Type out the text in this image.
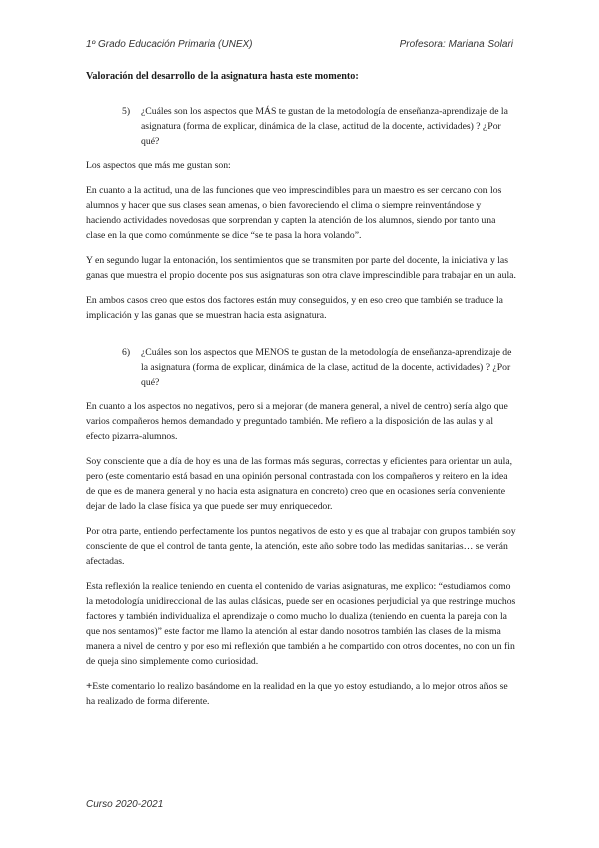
1º Grado Educación Primaria (UNEX)	Profesora: Mariana Solari
Valoración del desarrollo de la asignatura hasta este momento:
5) ¿Cuáles son los aspectos que MÁS te gustan de la metodología de enseñanza-aprendizaje de la asignatura (forma de explicar, dinámica de la clase, actitud de la docente, actividades) ? ¿Por qué?

Los aspectos que más me gustan son:

En cuanto a la actitud, una de las funciones que veo imprescindibles para un maestro es ser cercano con los alumnos y hacer que sus clases sean amenas, o bien favoreciendo el clima o siempre reinventándose y haciendo actividades novedosas que sorprendan y capten la atención de los alumnos, siendo por tanto una clase en la que como comúnmente se dice “se te pasa la hora volando”.

Y en segundo lugar la entonación, los sentimientos que se transmiten por parte del docente, la iniciativa y las ganas que muestra el propio docente pos sus asignaturas son otra clave imprescindible para trabajar en un aula.

En ambos casos creo que estos dos factores están muy conseguidos, y en eso creo que también se traduce la implicación y las ganas que se muestran hacia esta asignatura.

6) ¿Cuáles son los aspectos que MENOS te gustan de la metodología de enseñanza-aprendizaje de la asignatura (forma de explicar, dinámica de la clase, actitud de la docente, actividades) ? ¿Por qué?

En cuanto a los aspectos no negativos, pero si a mejorar (de manera general, a nivel de centro) sería algo que varios compañeros hemos demandado y preguntado también. Me refiero a la disposición de las aulas y al efecto pizarra-alumnos.

Soy consciente que a día de hoy es una de las formas más seguras, correctas y eficientes para orientar un aula, pero (este comentario está basad en una opinión personal contrastada con los compañeros y reitero en la idea de que es de manera general y no hacia esta asignatura en concreto) creo que en ocasiones sería conveniente dejar de lado la clase física ya que puede ser muy enriquecedor.

Por otra parte, entiendo perfectamente los puntos negativos de esto y es que al trabajar con grupos también soy consciente de que el control de tanta gente, la atención, este año sobre todo las medidas sanitarias… se verán afectadas.

Esta reflexión la realice teniendo en cuenta el contenido de varias asignaturas, me explico: “estudiamos como la metodología unidireccional de las aulas clásicas, puede ser en ocasiones perjudicial ya que restringe muchos factores y también individualiza el aprendizaje o como mucho lo dualiza (teniendo en cuenta la pareja con la que nos sentamos)” este factor me llamo la atención al estar dando nosotros también las clases de la misma manera a nivel de centro y por eso mi reflexión que también a he compartido con otros docentes, no con un fin de queja sino simplemente como curiosidad.

+Este comentario lo realizo basándome en la realidad en la que yo estoy estudiando, a lo mejor otros años se ha realizado de forma diferente.

Curso 2020-2021
